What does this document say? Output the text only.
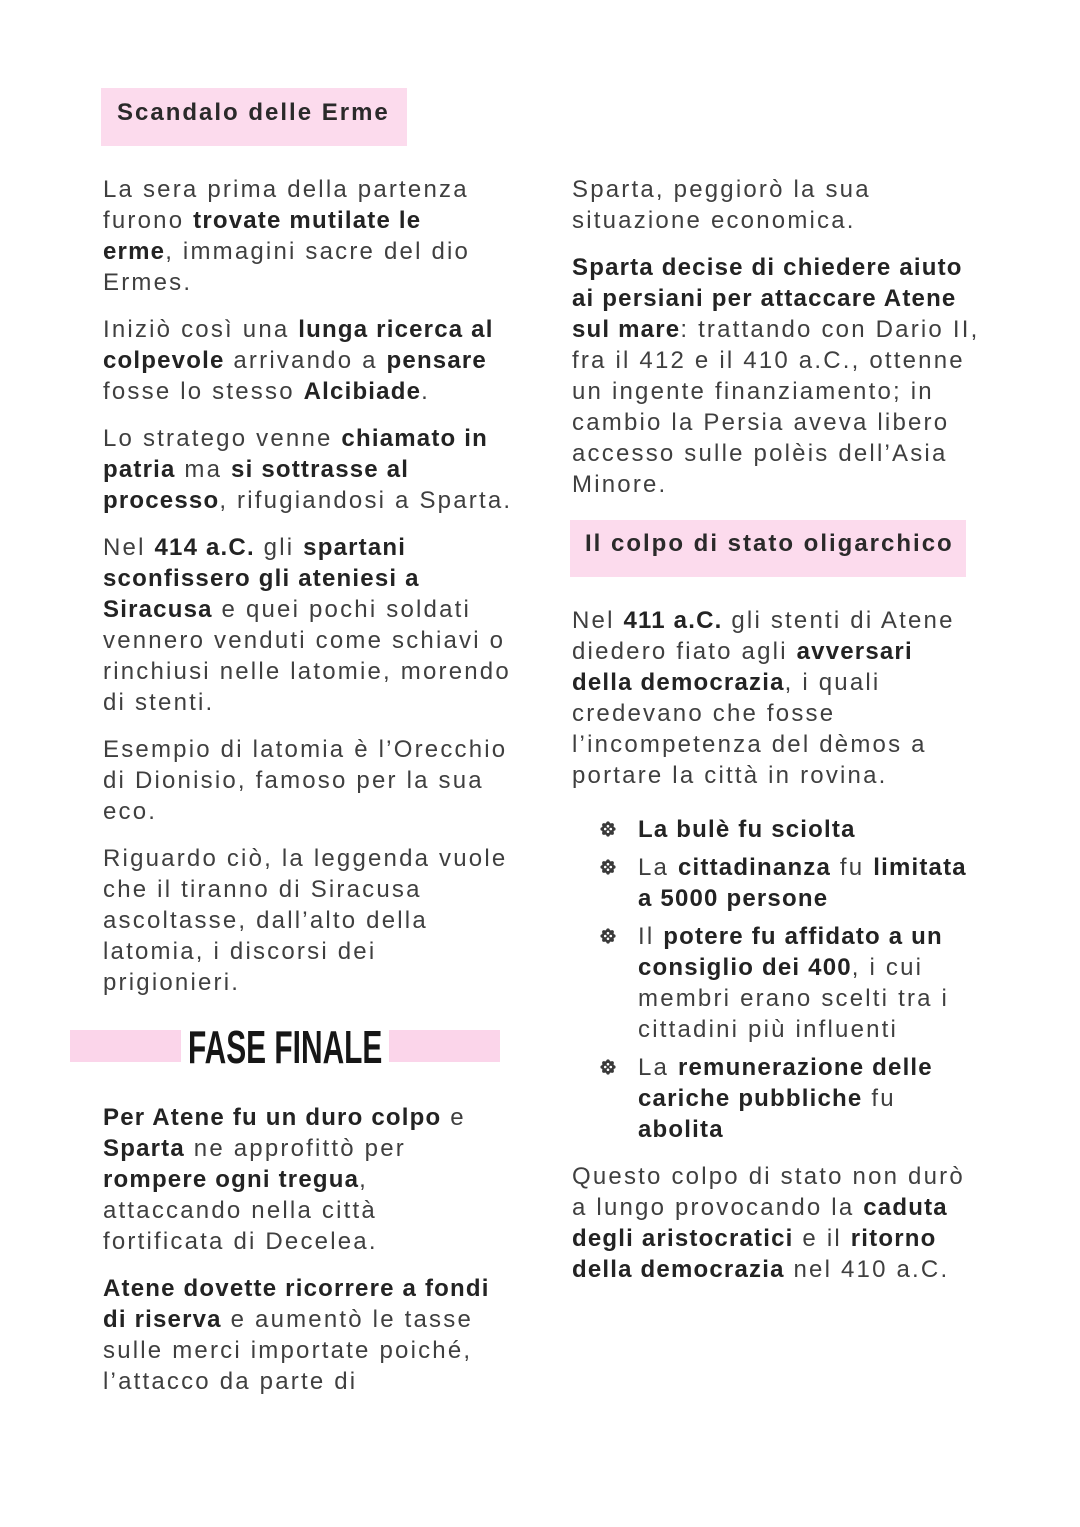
Scandalo delle Erme
La sera prima della partenza
furono trovate mutilate le
erme, immagini sacre del dio
Ermes.
Iniziò così una lunga ricerca al
colpevole arrivando a pensare
fosse lo stesso Alcibiade.
Lo stratego venne chiamato in
patria ma si sottrasse al
processo, rifugiandosi a Sparta.
Nel 414 a.C. gli spartani
sconfissero gli ateniesi a
Siracusa e quei pochi soldati
vennero venduti come schiavi o
rinchiusi nelle latomie, morendo
di stenti.
Esempio di latomia è l’Orecchio
di Dionisio, famoso per la sua
eco.
Riguardo ciò, la leggenda vuole
che il tiranno di Siracusa
ascoltasse, dall’alto della
latomia, i discorsi dei
prigionieri.
FASE FINALE
Per Atene fu un duro colpo e
Sparta ne approfittò per
rompere ogni tregua,
attaccando nella città
fortificata di Decelea.
Atene dovette ricorrere a fondi
di riserva e aumentò le tasse
sulle merci importate poiché,
l’attacco da parte di
Sparta, peggiorò la sua
situazione economica.
Sparta decise di chiedere aiuto
ai persiani per attaccare Atene
sul mare: trattando con Dario II,
fra il 412 e il 410 a.C., ottenne
un ingente finanziamento; in
cambio la Persia aveva libero
accesso sulle polèis dell’Asia
Minore.
Il colpo di stato oligarchico
Nel 411 a.C. gli stenti di Atene
diedero fiato agli avversari
della democrazia, i quali
credevano che fosse
l’incompetenza del dèmos a
portare la città in rovina.
La bulè fu sciolta
La cittadinanza fu limitata
a 5000 persone
Il potere fu affidato a un
consiglio dei 400, i cui
membri erano scelti tra i
cittadini più influenti
La remunerazione delle
cariche pubbliche fu
abolita
Questo colpo di stato non durò
a lungo provocando la caduta
degli aristocratici e il ritorno
della democrazia nel 410 a.C.
